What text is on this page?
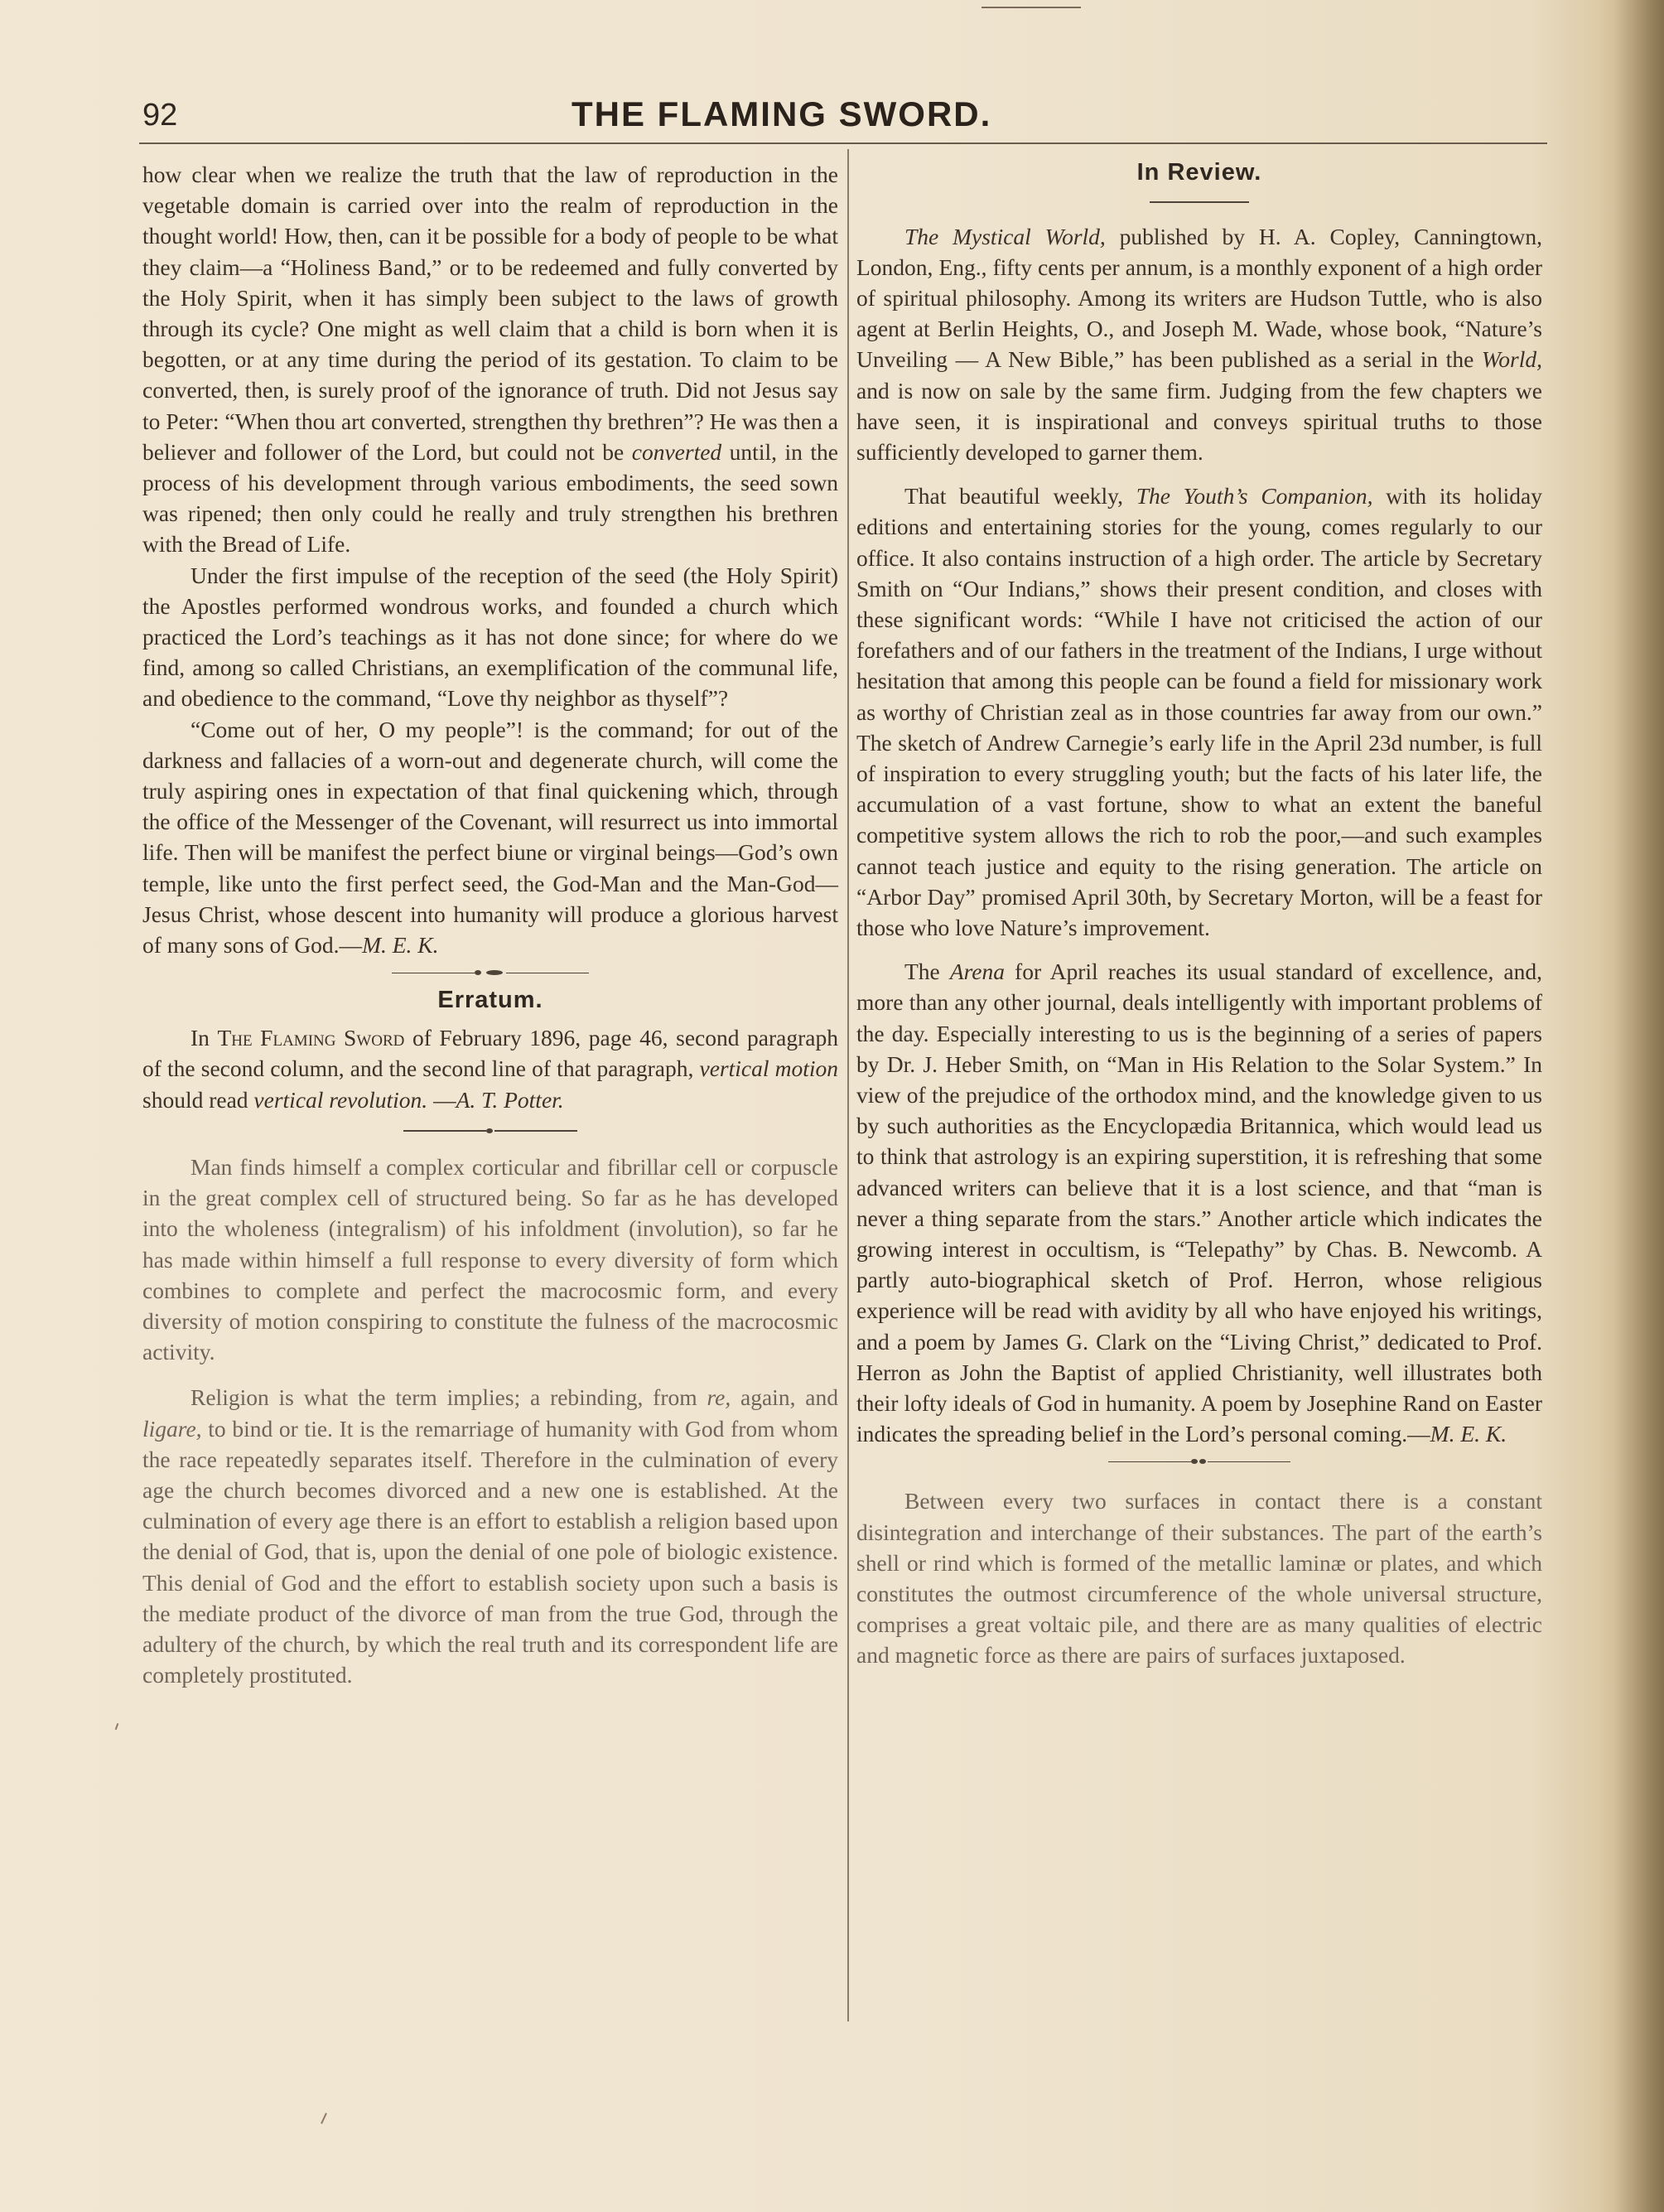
92	THE FLAMING SWORD.

how clear when we realize the truth that the law of reproduction in the vegetable domain is carried over into the realm of reproduction in the thought world! How, then, can it be possible for a body of people to be what they claim—a “Holiness Band,” or to be redeemed and fully converted by the Holy Spirit, when it has simply been subject to the laws of growth through its cycle? One might as well claim that a child is born when it is begotten, or at any time during the period of its gestation. To claim to be converted, then, is surely proof of the ignorance of truth. Did not Jesus say to Peter: “When thou art converted, strengthen thy brethren”? He was then a believer and follower of the Lord, but could not be converted until, in the process of his development through various embodiments, the seed sown was ripened; then only could he really and truly strengthen his brethren with the Bread of Life.

Under the first impulse of the reception of the seed (the Holy Spirit) the Apostles performed wondrous works, and founded a church which practiced the Lord’s teachings as it has not done since; for where do we find, among so called Christians, an exemplification of the communal life, and obedience to the command, “Love thy neighbor as thyself”?

“Come out of her, O my people”! is the command; for out of the darkness and fallacies of a worn-out and degenerate church, will come the truly aspiring ones in expectation of that final quickening which, through the office of the Messenger of the Covenant, will resurrect us into immortal life. Then will be manifest the perfect biune or virginal beings—God’s own temple, like unto the first perfect seed, the God-Man and the Man-God—Jesus Christ, whose descent into humanity will produce a glorious harvest of many sons of God.—M. E. K.

Erratum.

In The Flaming Sword of February 1896, page 46, second paragraph of the second column, and the second line of that paragraph, vertical motion should read vertical revolution. —A. T. Potter.

Man finds himself a complex corticular and fibrillar cell or corpuscle in the great complex cell of structured being. So far as he has developed into the wholeness (integralism) of his infoldment (involution), so far he has made within himself a full response to every diversity of form which combines to complete and perfect the macrocosmic form, and every diversity of motion conspiring to constitute the fulness of the macrocosmic activity.

Religion is what the term implies; a rebinding, from re, again, and ligare, to bind or tie. It is the remarriage of humanity with God from whom the race repeatedly separates itself. Therefore in the culmination of every age the church becomes divorced and a new one is established. At the culmination of every age there is an effort to establish a religion based upon the denial of God, that is, upon the denial of one pole of biologic existence. This denial of God and the effort to establish society upon such a basis is the mediate product of the divorce of man from the true God, through the adultery of the church, by which the real truth and its correspondent life are completely prostituted.

In Review.

The Mystical World, published by H. A. Copley, Canningtown, London, Eng., fifty cents per annum, is a monthly exponent of a high order of spiritual philosophy. Among its writers are Hudson Tuttle, who is also agent at Berlin Heights, O., and Joseph M. Wade, whose book, “Nature’s Unveiling — A New Bible,” has been published as a serial in the World, and is now on sale by the same firm. Judging from the few chapters we have seen, it is inspirational and conveys spiritual truths to those sufficiently developed to garner them.

That beautiful weekly, The Youth’s Companion, with its holiday editions and entertaining stories for the young, comes regularly to our office. It also contains instruction of a high order. The article by Secretary Smith on “Our Indians,” shows their present condition, and closes with these significant words: “While I have not criticised the action of our forefathers and of our fathers in the treatment of the Indians, I urge without hesitation that among this people can be found a field for missionary work as worthy of Christian zeal as in those countries far away from our own.” The sketch of Andrew Carnegie’s early life in the April 23d number, is full of inspiration to every struggling youth; but the facts of his later life, the accumulation of a vast fortune, show to what an extent the baneful competitive system allows the rich to rob the poor,—and such examples cannot teach justice and equity to the rising generation. The article on “Arbor Day” promised April 30th, by Secretary Morton, will be a feast for those who love Nature’s improvement.

The Arena for April reaches its usual standard of excellence, and, more than any other journal, deals intelligently with important problems of the day. Especially interesting to us is the beginning of a series of papers by Dr. J. Heber Smith, on “Man in His Relation to the Solar System.” In view of the prejudice of the orthodox mind, and the knowledge given to us by such authorities as the Encyclopædia Britannica, which would lead us to think that astrology is an expiring superstition, it is refreshing that some advanced writers can believe that it is a lost science, and that “man is never a thing separate from the stars.” Another article which indicates the growing interest in occultism, is “Telepathy” by Chas. B. Newcomb. A partly auto-biographical sketch of Prof. Herron, whose religious experience will be read with avidity by all who have enjoyed his writings, and a poem by James G. Clark on the “Living Christ,” dedicated to Prof. Herron as John the Baptist of applied Christianity, well illustrates both their lofty ideals of God in humanity. A poem by Josephine Rand on Easter indicates the spreading belief in the Lord’s personal coming.—M. E. K.

Between every two surfaces in contact there is a constant disintegration and interchange of their substances. The part of the earth’s shell or rind which is formed of the metallic laminæ or plates, and which constitutes the outmost circumference of the whole universal structure, comprises a great voltaic pile, and there are as many qualities of electric and magnetic force as there are pairs of surfaces juxtaposed.
